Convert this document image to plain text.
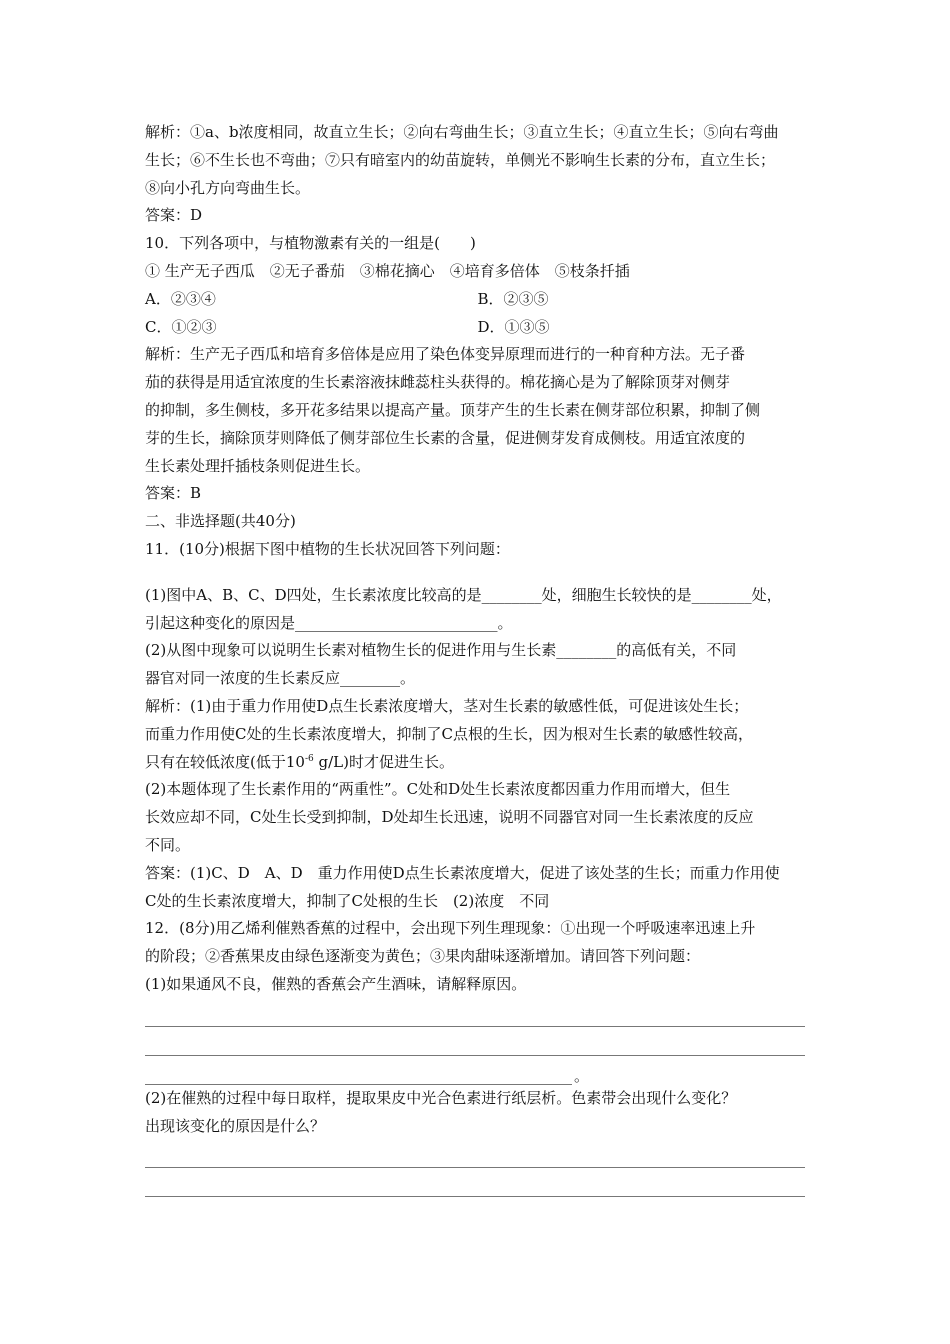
解析：①a、b浓度相同，故直立生长；②向右弯曲生长；③直立生长；④直立生长；⑤向右弯曲
生长；⑥不生长也不弯曲；⑦只有暗室内的幼苗旋转，单侧光不影响生长素的分布，直立生长；
⑧向小孔方向弯曲生长。
答案：D
10．下列各项中，与植物激素有关的一组是(　　)
① 生产无子西瓜　②无子番茄　③棉花摘心　④培育多倍体　⑤枝条扦插
A．②③④	B．②③⑤
C．①②③	D．①③⑤
解析：生产无子西瓜和培育多倍体是应用了染色体变异原理而进行的一种育种方法。无子番
茄的获得是用适宜浓度的生长素溶液抹雌蕊柱头获得的。棉花摘心是为了解除顶芽对侧芽
的抑制，多生侧枝，多开花多结果以提高产量。顶芽产生的生长素在侧芽部位积累，抑制了侧
芽的生长，摘除顶芽则降低了侧芽部位生长素的含量，促进侧芽发育成侧枝。用适宜浓度的
生长素处理扦插枝条则促进生长。
答案：B
二、非选择题(共40分)
11．(10分)根据下图中植物的生长状况回答下列问题：
(1)图中A、B、C、D四处，生长素浓度比较高的是________处，细胞生长较快的是________处，
引起这种变化的原因是___________________________。
(2)从图中现象可以说明生长素对植物生长的促进作用与生长素________的高低有关，不同
器官对同一浓度的生长素反应________。
解析：(1)由于重力作用使D点生长素浓度增大，茎对生长素的敏感性低，可促进该处生长；
而重力作用使C处的生长素浓度增大，抑制了C点根的生长，因为根对生长素的敏感性较高，
只有在较低浓度(低于$10^{-6}$ g/L)时才促进生长。
(2)本题体现了生长素作用的“两重性”。C处和D处生长素浓度都因重力作用而增大，但生
长效应却不同，C处生长受到抑制，D处却生长迅速，说明不同器官对同一生长素浓度的反应
不同。
答案：(1)C、D　A、D　重力作用使D点生长素浓度增大，促进了该处茎的生长；而重力作用使
C处的生长素浓度增大，抑制了C处根的生长　(2)浓度　不同
12．(8分)用乙烯利催熟香蕉的过程中，会出现下列生理现象：①出现一个呼吸速率迅速上升
的阶段；②香蕉果皮由绿色逐渐变为黄色；③果肉甜味逐渐增加。请回答下列问题：
(1)如果通风不良，催熟的香蕉会产生酒味，请解释原因。
。
(2)在催熟的过程中每日取样，提取果皮中光合色素进行纸层析。色素带会出现什么变化？
出现该变化的原因是什么？
